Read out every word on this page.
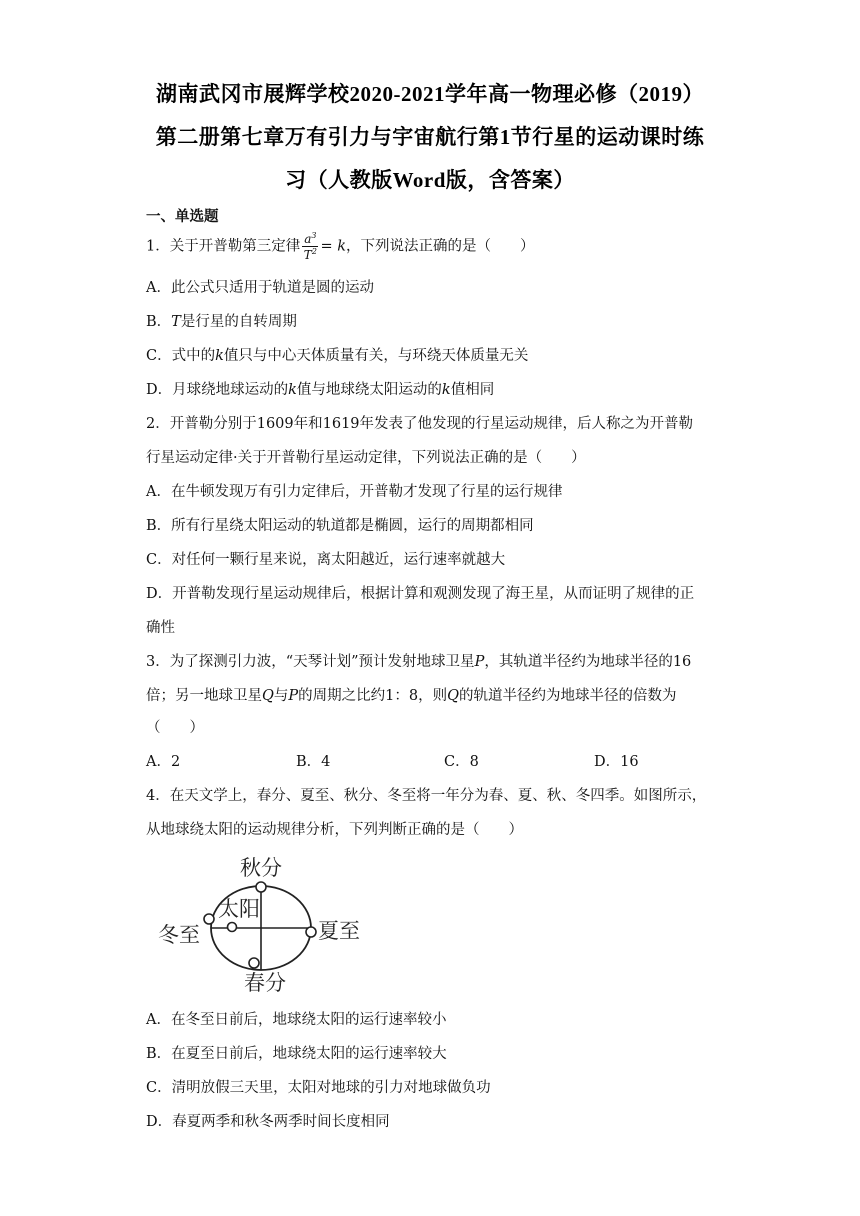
湖南武冈市展辉学校2020-2021学年高一物理必修（2019）
第二册第七章万有引力与宇宙航行第1节行星的运动课时练
习（人教版Word版，含答案）
一、单选题
1．关于开普勒第三定律 $\frac{a^3}{T^2} = k$，下列说法正确的是（　　）
A．此公式只适用于轨道是圆的运动
B．T是行星的自转周期
C．式中的k值只与中心天体质量有关，与环绕天体质量无关
D．月球绕地球运动的k值与地球绕太阳运动的k值相同
2．开普勒分别于1609年和1619年发表了他发现的行星运动规律，后人称之为开普勒
行星运动定律·关于开普勒行星运动定律，下列说法正确的是（　　）
A．在牛顿发现万有引力定律后，开普勒才发现了行星的运行规律
B．所有行星绕太阳运动的轨道都是椭圆，运行的周期都相同
C．对任何一颗行星来说，离太阳越近，运行速率就越大
D．开普勒发现行星运动规律后，根据计算和观测发现了海王星，从而证明了规律的正
确性
3．为了探测引力波，“天琴计划”预计发射地球卫星P，其轨道半径约为地球半径的16
倍；另一地球卫星Q与P的周期之比约1：8，则Q的轨道半径约为地球半径的倍数为
（　　）
A．2	B．4	C．8	D．16
4．在天文学上，春分、夏至、秋分、冬至将一年分为春、夏、秋、冬四季。如图所示，
从地球绕太阳的运动规律分析，下列判断正确的是（　　）
秋分
太阳
冬至	夏至
春分
A．在冬至日前后，地球绕太阳的运行速率较小
B．在夏至日前后，地球绕太阳的运行速率较大
C．清明放假三天里，太阳对地球的引力对地球做负功
D．春夏两季和秋冬两季时间长度相同
